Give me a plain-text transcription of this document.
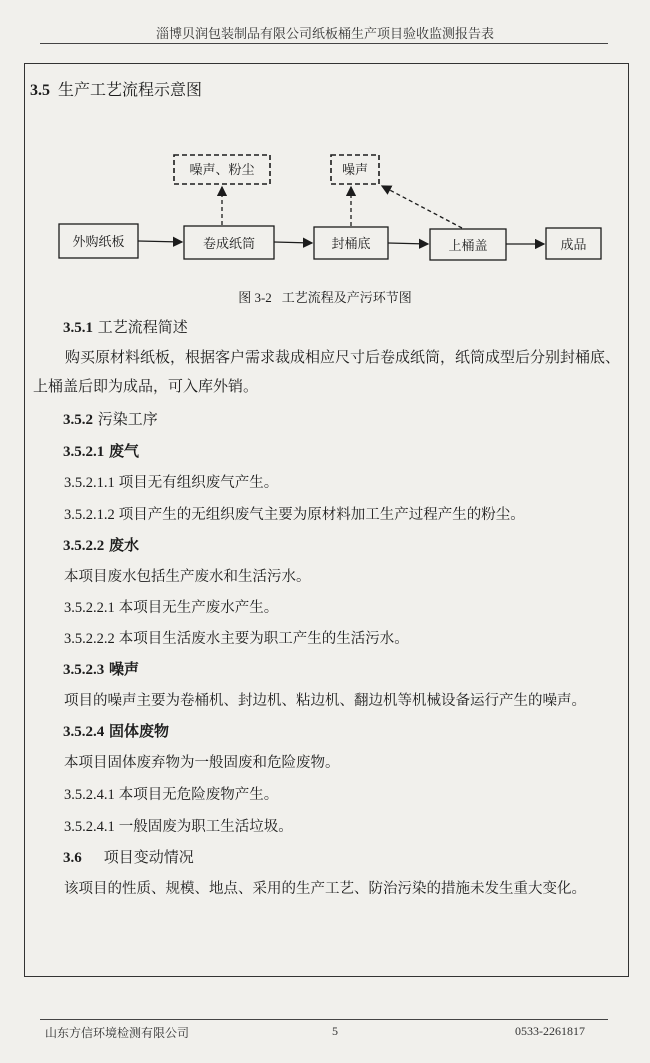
淄博贝润包装制品有限公司纸板桶生产项目验收监测报告表
3.5 生产工艺流程示意图
噪声、粉尘	噪声
外购纸板	卷成纸筒	封桶底	上桶盖	成品
图 3-2 工艺流程及产污环节图
3.5.1 工艺流程简述
购买原材料纸板，根据客户需求裁成相应尺寸后卷成纸筒，纸筒成型后分别封桶底、上桶盖后即为成品，可入库外销。
3.5.2 污染工序
3.5.2.1 废气
3.5.2.1.1 项目无有组织废气产生。
3.5.2.1.2 项目产生的无组织废气主要为原材料加工生产过程产生的粉尘。
3.5.2.2 废水
本项目废水包括生产废水和生活污水。
3.5.2.2.1 本项目无生产废水产生。
3.5.2.2.2 本项目生活废水主要为职工产生的生活污水。
3.5.2.3 噪声
项目的噪声主要为卷桶机、封边机、粘边机、翻边机等机械设备运行产生的噪声。
3.5.2.4 固体废物
本项目固体废弃物为一般固废和危险废物。
3.5.2.4.1 本项目无危险废物产生。
3.5.2.4.1 一般固废为职工生活垃圾。
3.6 项目变动情况
该项目的性质、规模、地点、采用的生产工艺、防治污染的措施未发生重大变化。
山东方信环境检测有限公司	5	0533-2261817
